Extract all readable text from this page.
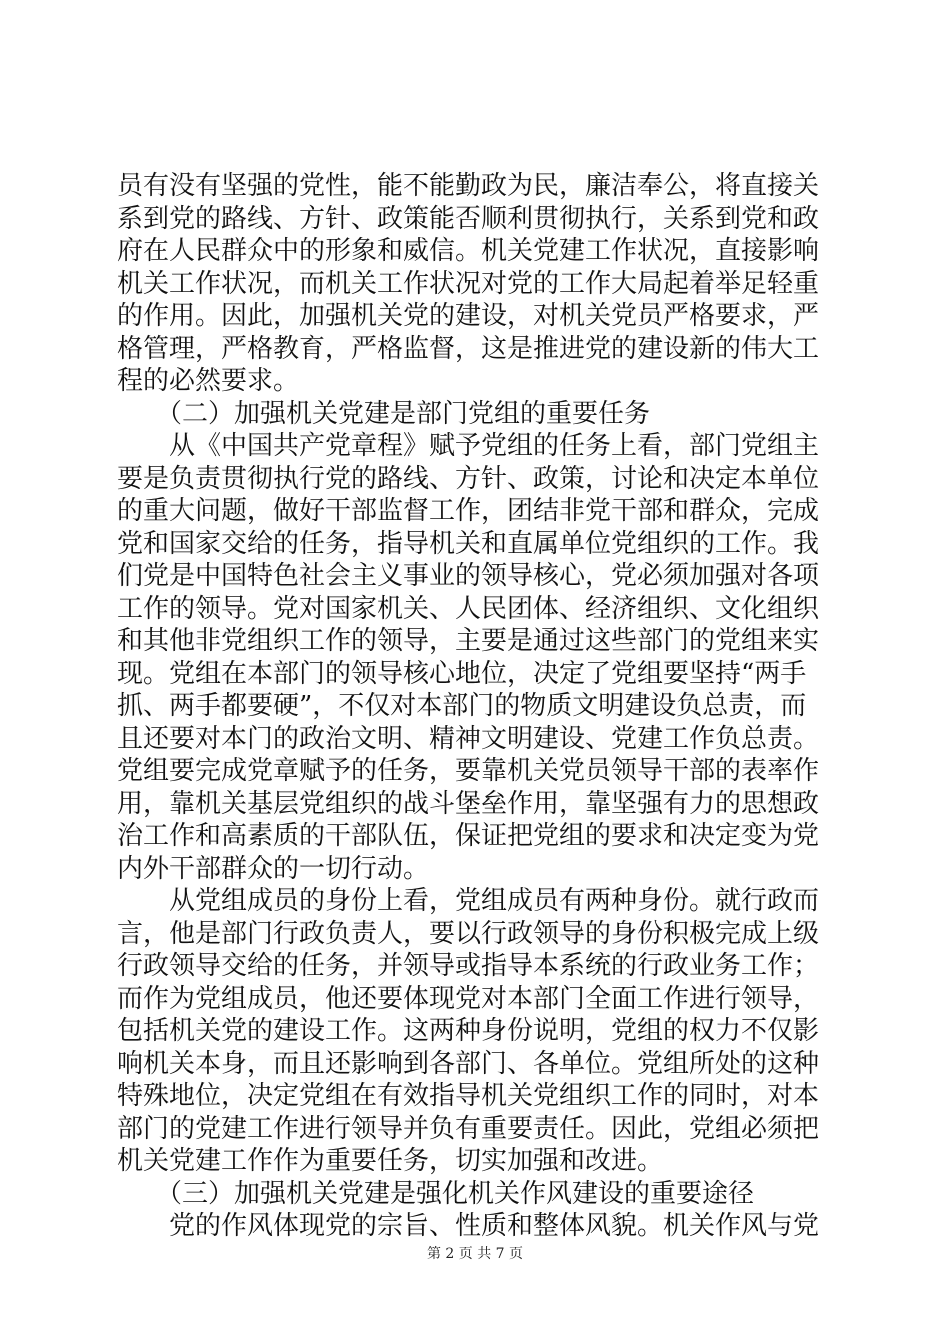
员有没有坚强的党性，能不能勤政为民，廉洁奉公，将直接关
系到党的路线、方针、政策能否顺利贯彻执行，关系到党和政
府在人民群众中的形象和威信。机关党建工作状况，直接影响
机关工作状况，而机关工作状况对党的工作大局起着举足轻重
的作用。因此，加强机关党的建设，对机关党员严格要求，严
格管理，严格教育，严格监督，这是推进党的建设新的伟大工
程的必然要求。
　　（二）加强机关党建是部门党组的重要任务
　　从《中国共产党章程》赋予党组的任务上看，部门党组主
要是负责贯彻执行党的路线、方针、政策，讨论和决定本单位
的重大问题，做好干部监督工作，团结非党干部和群众，完成
党和国家交给的任务，指导机关和直属单位党组织的工作。我
们党是中国特色社会主义事业的领导核心，党必须加强对各项
工作的领导。党对国家机关、人民团体、经济组织、文化组织
和其他非党组织工作的领导，主要是通过这些部门的党组来实
现。党组在本部门的领导核心地位，决定了党组要坚持“两手
抓、两手都要硬”，不仅对本部门的物质文明建设负总责，而
且还要对本门的政治文明、精神文明建设、党建工作负总责。
党组要完成党章赋予的任务，要靠机关党员领导干部的表率作
用，靠机关基层党组织的战斗堡垒作用，靠坚强有力的思想政
治工作和高素质的干部队伍，保证把党组的要求和决定变为党
内外干部群众的一切行动。
　　从党组成员的身份上看，党组成员有两种身份。就行政而
言，他是部门行政负责人，要以行政领导的身份积极完成上级
行政领导交给的任务，并领导或指导本系统的行政业务工作；
而作为党组成员，他还要体现党对本部门全面工作进行领导，
包括机关党的建设工作。这两种身份说明，党组的权力不仅影
响机关本身，而且还影响到各部门、各单位。党组所处的这种
特殊地位，决定党组在有效指导机关党组织工作的同时，对本
部门的党建工作进行领导并负有重要责任。因此，党组必须把
机关党建工作作为重要任务，切实加强和改进。
　　（三）加强机关党建是强化机关作风建设的重要途径
　　党的作风体现党的宗旨、性质和整体风貌。机关作风与党
第 2 页 共 7 页
